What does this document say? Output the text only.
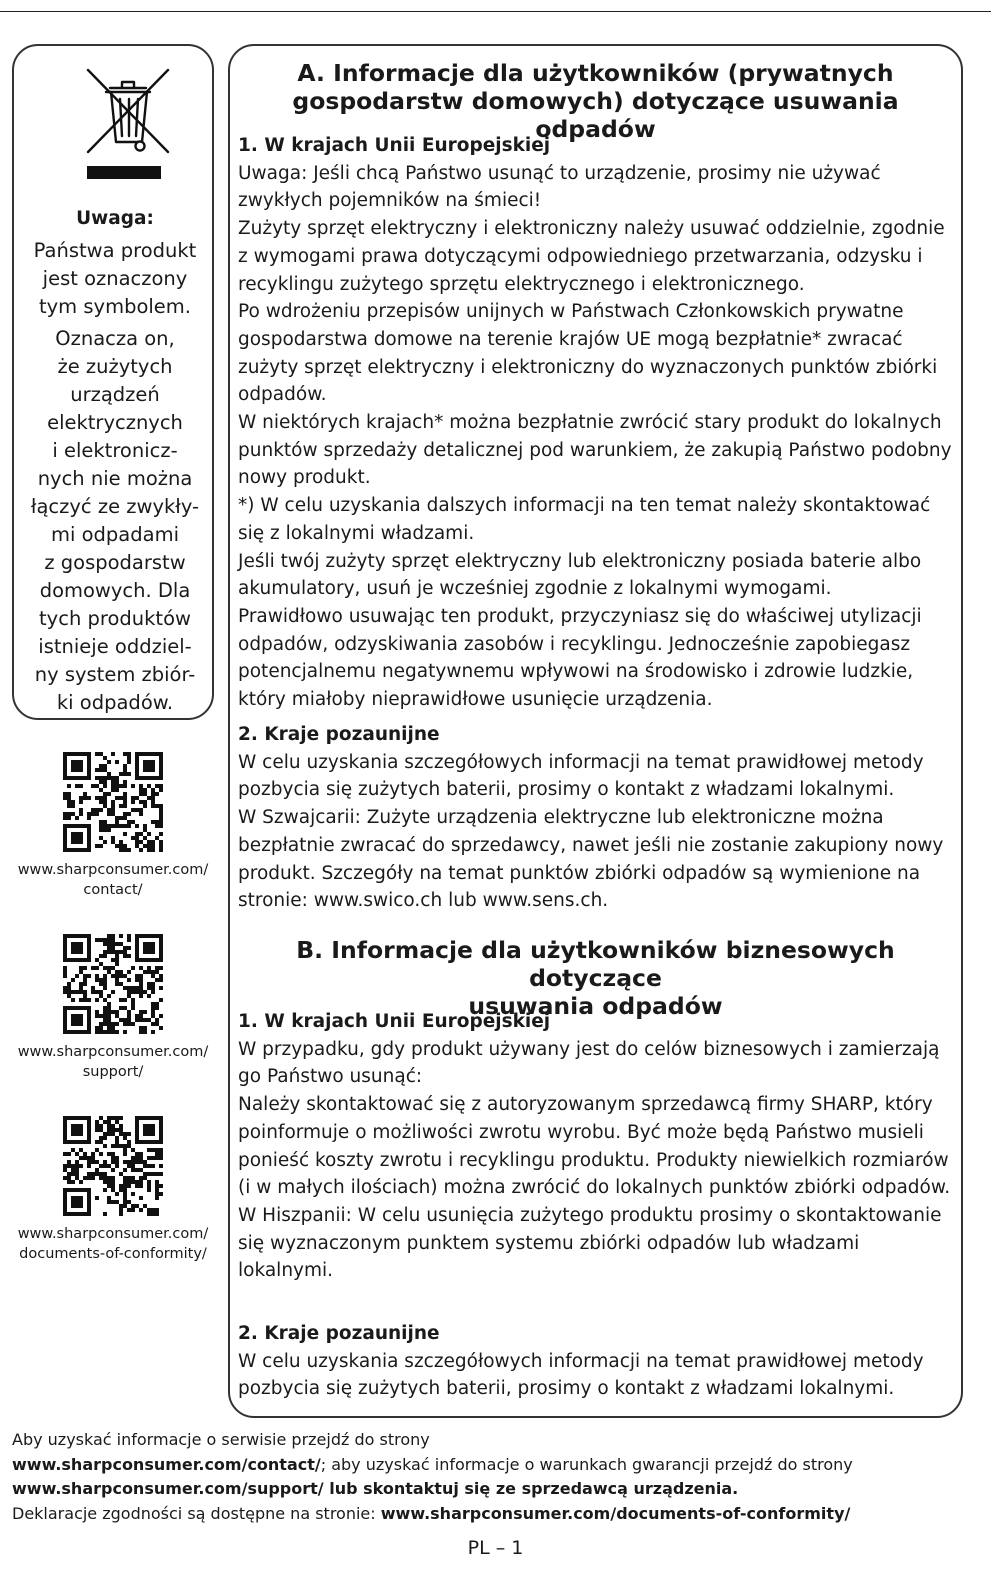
Uwaga:

Państwa produkt
jest oznaczony
tym symbolem.

Oznacza on,
że zużytych
urządzeń
elektrycznych
i elektronicz-
nych nie można
łączyć ze zwykły-
mi odpadami
z gospodarstw
domowych. Dla
tych produktów
istnieje oddziel-
ny system zbiór-
ki odpadów.

www.sharpconsumer.com/
contact/
www.sharpconsumer.com/
support/
www.sharpconsumer.com/
documents-of-conformity/
A. Informacje dla użytkowników (prywatnych
gospodarstw domowych) dotyczące usuwania odpadów
1. W krajach Unii Europejskiej

Uwaga: Jeśli chcą Państwo usunąć to urządzenie, prosimy nie używać zwykłych pojemników na śmieci!

Zużyty sprzęt elektryczny i elektroniczny należy usuwać oddzielnie, zgodnie z wymogami prawa dotyczącymi odpowiedniego przetwarzania, odzysku i recyklingu zużytego sprzętu elektrycznego i elektronicznego.

Po wdrożeniu przepisów unijnych w Państwach Członkowskich prywatne gospodarstwa domowe na terenie krajów UE mogą bezpłatnie* zwracać zużyty sprzęt elektryczny i elektroniczny do wyznaczonych punktów zbiórki odpadów.

W niektórych krajach* można bezpłatnie zwrócić stary produkt do lokalnych punktów sprzedaży detalicznej pod warunkiem, że zakupią Państwo podobny nowy produkt.

*) W celu uzyskania dalszych informacji na ten temat należy skontaktować się z lokalnymi władzami.

Jeśli twój zużyty sprzęt elektryczny lub elektroniczny posiada baterie albo akumulatory, usuń je wcześniej zgodnie z lokalnymi wymogami.

Prawidłowo usuwając ten produkt, przyczyniasz się do właściwej utylizacji odpadów, odzyskiwania zasobów i recyklingu. Jednocześnie zapobiegasz potencjalnemu negatywnemu wpływowi na środowisko i zdrowie ludzkie, który miałoby nieprawidłowe usunięcie urządzenia.

2. Kraje pozaunijne

W celu uzyskania szczegółowych informacji na temat prawidłowej metody pozbycia się zużytych baterii, prosimy o kontakt z władzami lokalnymi.

W Szwajcarii: Zużyte urządzenia elektryczne lub elektroniczne można bezpłatnie zwracać do sprzedawcy, nawet jeśli nie zostanie zakupiony nowy produkt. Szczegóły na temat punktów zbiórki odpadów są wymienione na stronie: www.swico.ch lub www.sens.ch.

B. Informacje dla użytkowników biznesowych dotyczące
usuwania odpadów
1. W krajach Unii Europejskiej

W przypadku, gdy produkt używany jest do celów biznesowych i zamierzają go Państwo usunąć:

Należy skontaktować się z autoryzowanym sprzedawcą firmy SHARP, który poinformuje o możliwości zwrotu wyrobu. Być może będą Państwo musieli ponieść koszty zwrotu i recyklingu produktu. Produkty niewielkich rozmiarów (i w małych ilościach) można zwrócić do lokalnych punktów zbiórki odpadów.

W Hiszpanii: W celu usunięcia zużytego produktu prosimy o skontaktowanie się wyznaczonym punktem systemu zbiórki odpadów lub władzami lokalnymi.

2. Kraje pozaunijne

W celu uzyskania szczegółowych informacji na temat prawidłowej metody pozbycia się zużytych baterii, prosimy o kontakt z władzami lokalnymi.

Aby uzyskać informacje o serwisie przejdź do strony

www.sharpconsumer.com/contact/; aby uzyskać informacje o warunkach gwarancji przejdź do strony

www.sharpconsumer.com/support/ lub skontaktuj się ze sprzedawcą urządzenia.

Deklaracje zgodności są dostępne na stronie: www.sharpconsumer.com/documents-of-conformity/

PL – 1
